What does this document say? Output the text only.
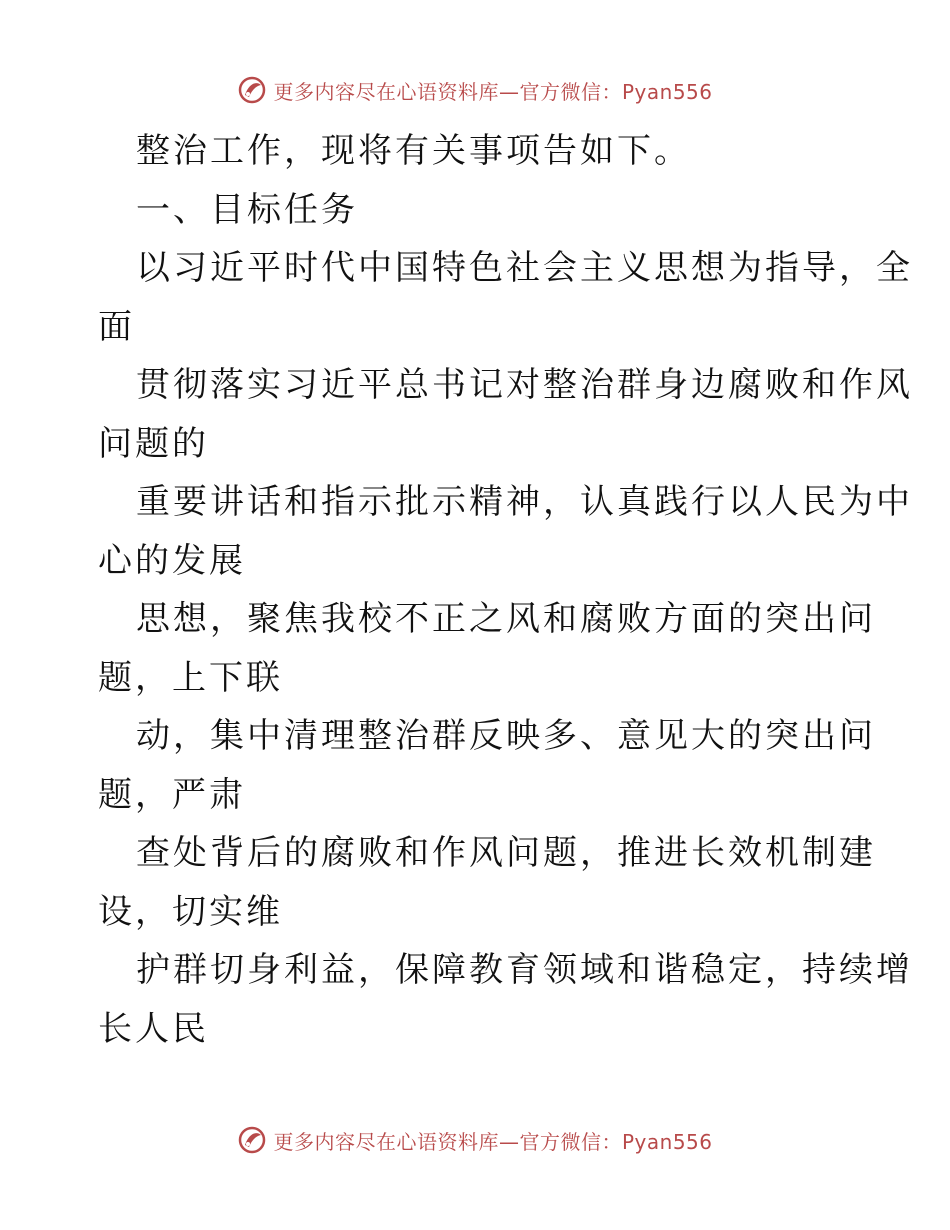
更多内容尽在心语资料库—官方微信：Pyan556
整治工作，现将有关事项告如下。
一、目标任务
以习近平时代中国特色社会主义思想为指导，全
面
贯彻落实习近平总书记对整治群身边腐败和作风
问题的
重要讲话和指示批示精神，认真践行以人民为中
心的发展
思想，聚焦我校不正之风和腐败方面的突出问
题，上下联
动，集中清理整治群反映多、意见大的突出问
题，严肃
查处背后的腐败和作风问题，推进长效机制建
设，切实维
护群切身利益，保障教育领域和谐稳定，持续增
长人民
更多内容尽在心语资料库—官方微信：Pyan556
